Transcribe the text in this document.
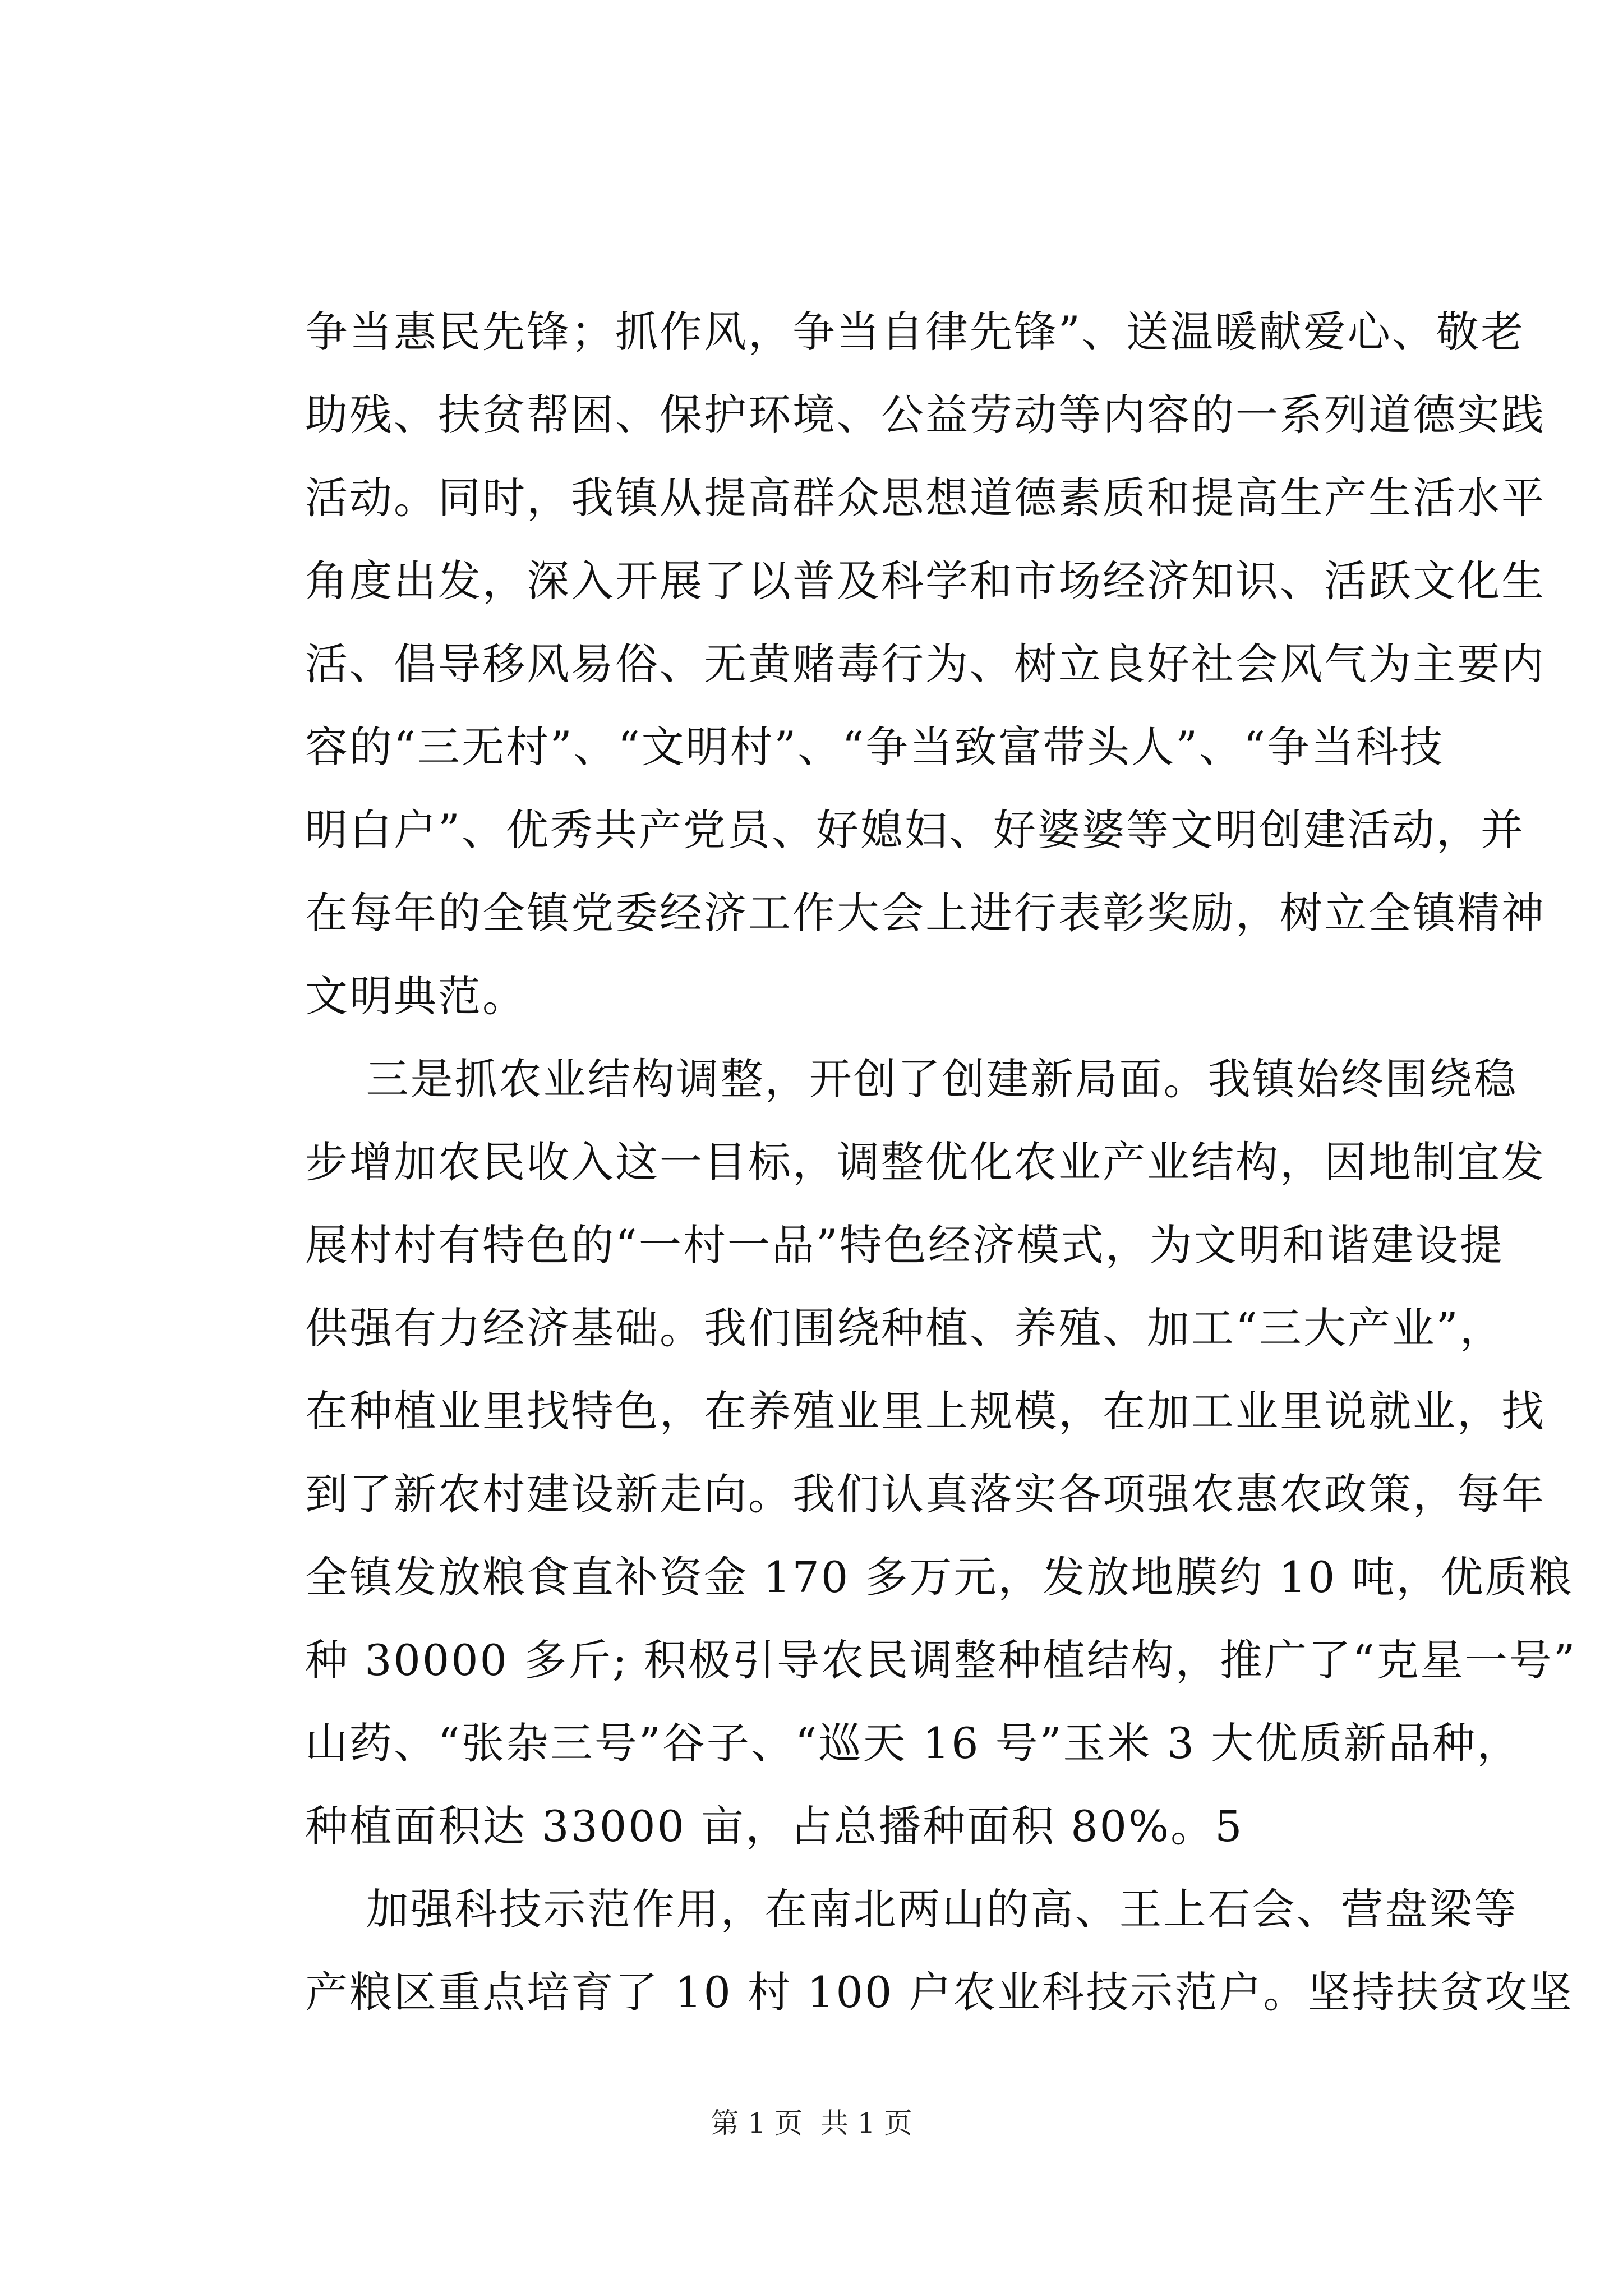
争当惠民先锋；抓作风，争当自律先锋”、送温暖献爱心、敬老
助残、扶贫帮困、保护环境、公益劳动等内容的一系列道德实践
活动。同时，我镇从提高群众思想道德素质和提高生产生活水平
角度出发，深入开展了以普及科学和市场经济知识、活跃文化生
活、倡导移风易俗、无黄赌毒行为、树立良好社会风气为主要内
容的“三无村”、“文明村”、“争当致富带头人”、“争当科技
明白户”、优秀共产党员、好媳妇、好婆婆等文明创建活动，并
在每年的全镇党委经济工作大会上进行表彰奖励，树立全镇精神
文明典范。
三是抓农业结构调整，开创了创建新局面。我镇始终围绕稳
步增加农民收入这一目标，调整优化农业产业结构，因地制宜发
展村村有特色的“一村一品”特色经济模式，为文明和谐建设提
供强有力经济基础。我们围绕种植、养殖、加工“三大产业”，
在种植业里找特色，在养殖业里上规模，在加工业里说就业，找
到了新农村建设新走向。我们认真落实各项强农惠农政策，每年
全镇发放粮食直补资金 170 多万元，发放地膜约 10 吨，优质粮
种 30000 多斤; 积极引导农民调整种植结构，推广了“克星一号”
山药、“张杂三号”谷子、“巡天 16 号”玉米 3 大优质新品种，
种植面积达 33000 亩，占总播种面积 80%。5
加强科技示范作用，在南北两山的高、王上石会、营盘梁等
产粮区重点培育了 10 村 100 户农业科技示范户。坚持扶贫攻坚
第 1 页  共 1 页
